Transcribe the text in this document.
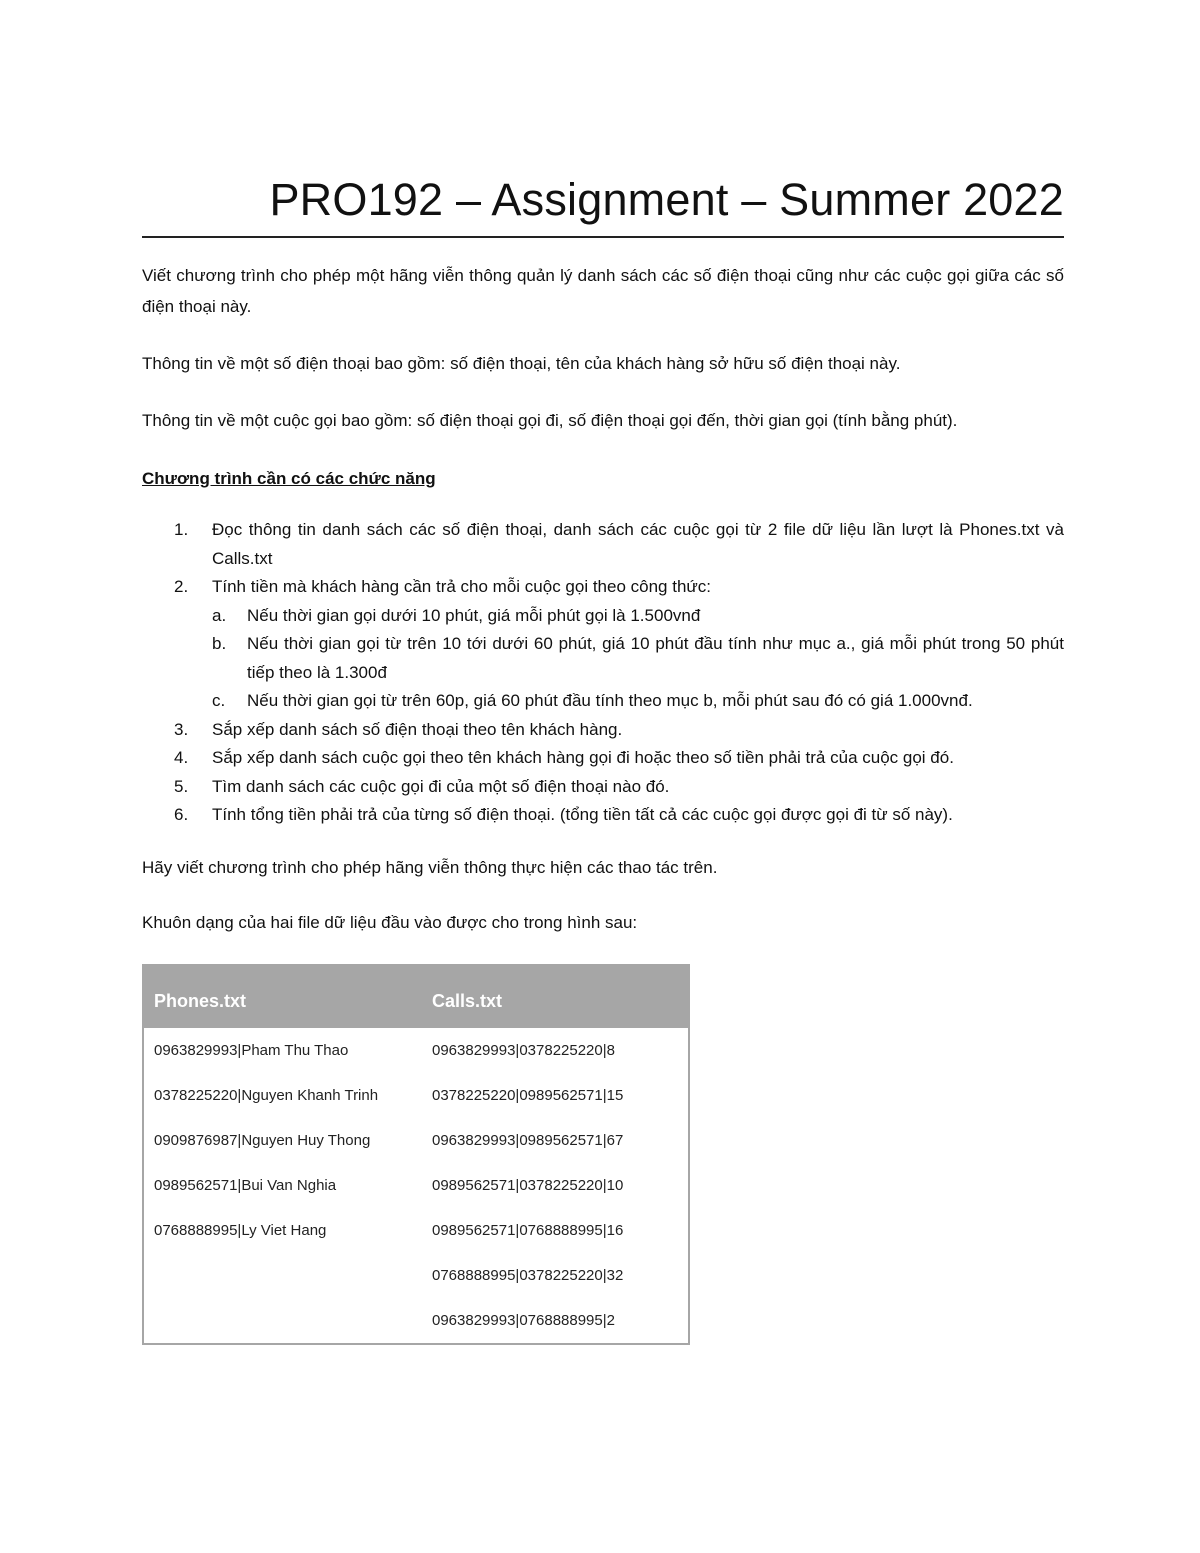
PRO192 – Assignment – Summer 2022

Viết chương trình cho phép một hãng viễn thông quản lý danh sách các số điện thoại cũng như các cuộc gọi giữa các số điện thoại này.

Thông tin về một số điện thoại bao gồm: số điện thoại, tên của khách hàng sở hữu số điện thoại này.

Thông tin về một cuộc gọi bao gồm: số điện thoại gọi đi, số điện thoại gọi đến, thời gian gọi (tính bằng phút).

Chương trình cần có các chức năng

1. Đọc thông tin danh sách các số điện thoại, danh sách các cuộc gọi từ 2 file dữ liệu lần lượt là Phones.txt và Calls.txt
2. Tính tiền mà khách hàng cần trả cho mỗi cuộc gọi theo công thức:
a. Nếu thời gian gọi dưới 10 phút, giá mỗi phút gọi là 1.500vnđ
b. Nếu thời gian gọi từ trên 10 tới dưới 60 phút, giá 10 phút đầu tính như mục a., giá mỗi phút trong 50 phút tiếp theo là 1.300đ
c. Nếu thời gian gọi từ trên 60p, giá 60 phút đầu tính theo mục b, mỗi phút sau đó có giá 1.000vnđ.
3. Sắp xếp danh sách số điện thoại theo tên khách hàng.
4. Sắp xếp danh sách cuộc gọi theo tên khách hàng gọi đi hoặc theo số tiền phải trả của cuộc gọi đó.
5. Tìm danh sách các cuộc gọi đi của một số điện thoại nào đó.
6. Tính tổng tiền phải trả của từng số điện thoại. (tổng tiền tất cả các cuộc gọi được gọi đi từ số này).

Hãy viết chương trình cho phép hãng viễn thông thực hiện các thao tác trên.

Khuôn dạng của hai file dữ liệu đầu vào được cho trong hình sau:

Phones.txt	Calls.txt
0963829993|Pham Thu Thao	0963829993|0378225220|8
0378225220|Nguyen Khanh Trinh	0378225220|0989562571|15
0909876987|Nguyen Huy Thong	0963829993|0989562571|67
0989562571|Bui Van Nghia	0989562571|0378225220|10
0768888995|Ly Viet Hang	0989562571|0768888995|16
	0768888995|0378225220|32
	0963829993|0768888995|2
